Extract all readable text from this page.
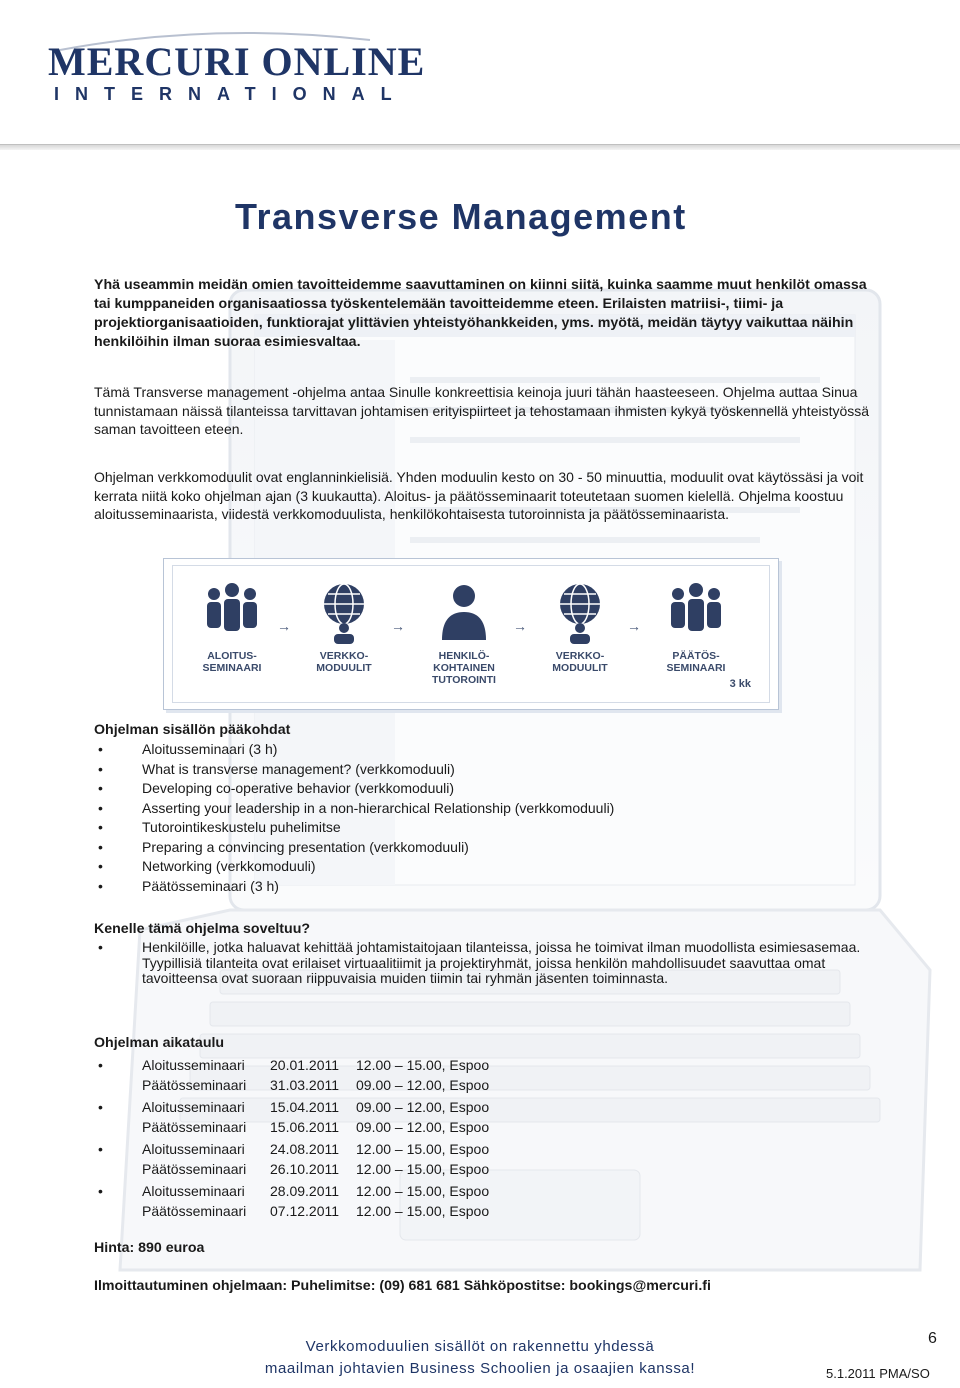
MERCURI ONLINE
INTERNATIONAL
Transverse Management

Yhä useammin meidän omien tavoitteidemme saavuttaminen on kiinni siitä, kuinka saamme muut henkilöt omassa tai kumppaneiden organisaatiossa työskentelemään tavoitteidemme eteen. Erilaisten matriisi-, tiimi- ja projektiorganisaatioiden, funktiorajat ylittävien yhteistyöhankkeiden, yms. myötä, meidän täytyy vaikuttaa näihin henkilöihin ilman suoraa esimiesvaltaa.

Tämä Transverse management -ohjelma antaa Sinulle konkreettisia keinoja juuri tähän haasteeseen. Ohjelma auttaa Sinua tunnistamaan näissä tilanteissa tarvittavan johtamisen erityispiirteet ja tehostamaan ihmisten kykyä työskennellä yhteistyössä saman tavoitteen eteen.

Ohjelman verkkomoduulit ovat englanninkielisiä. Yhden moduulin kesto on 30 - 50 minuuttia, moduulit ovat käytössäsi ja voit kerrata niitä koko ohjelman ajan (3 kuukautta). Aloitus- ja päätösseminaarit toteutetaan suomen kielellä. Ohjelma koostuu aloitusseminaarista, viidestä verkkomoduulista, henkilökohtaisesta tutoroinnista ja päätösseminaarista.

ALOITUS-
SEMINAARI
→
VERKKO-
MODUULIT
→
HENKILÖ-
KOHTAINEN
TUTOROINTI
→
VERKKO-
MODUULIT
→
PÄÄTÖS-
SEMINAARI
3 kk
Ohjelman sisällön pääkohdat
•	Aloitusseminaari (3 h)
•	What is transverse management? (verkkomoduuli)
•	Developing co-operative behavior (verkkomoduuli)
•	Asserting your leadership in a non-hierarchical Relationship (verkkomoduuli)
•	Tutorointikeskustelu puhelimitse
•	Preparing a convincing presentation (verkkomoduuli)
•	Networking (verkkomoduuli)
•	Päätösseminaari (3 h)
Kenelle tämä ohjelma soveltuu?
•	Henkilöille, jotka haluavat kehittää johtamistaitojaan tilanteissa, joissa he toimivat ilman muodollista esimiesasemaa. Tyypillisiä tilanteita ovat erilaiset virtuaalitiimit ja projektiryhmät, joissa henkilön mahdollisuudet saavuttaa omat tavoitteensa ovat suoraan riippuvaisia muiden tiimin tai ryhmän jäsenten toiminnasta.
Ohjelman aikataulu
•	Aloitusseminaari 20.01.2011 12.00 – 15.00, Espoo
Päätösseminaari 31.03.2011 09.00 – 12.00, Espoo
•	Aloitusseminaari 15.04.2011 09.00 – 12.00, Espoo
Päätösseminaari 15.06.2011 09.00 – 12.00, Espoo
•	Aloitusseminaari 24.08.2011 12.00 – 15.00, Espoo
Päätösseminaari 26.10.2011 12.00 – 15.00, Espoo
•	Aloitusseminaari 28.09.2011 12.00 – 15.00, Espoo
Päätösseminaari 07.12.2011 12.00 – 15.00, Espoo
Hinta: 890 euroa
Ilmoittautuminen ohjelmaan: Puhelimitse: (09) 681 681 Sähköpostitse: bookings@mercuri.fi
Verkkomoduulien sisällöt on rakennettu yhdessä
maailman johtavien Business Schoolien ja osaajien kanssa!
6
5.1.2011 PMA/SO
